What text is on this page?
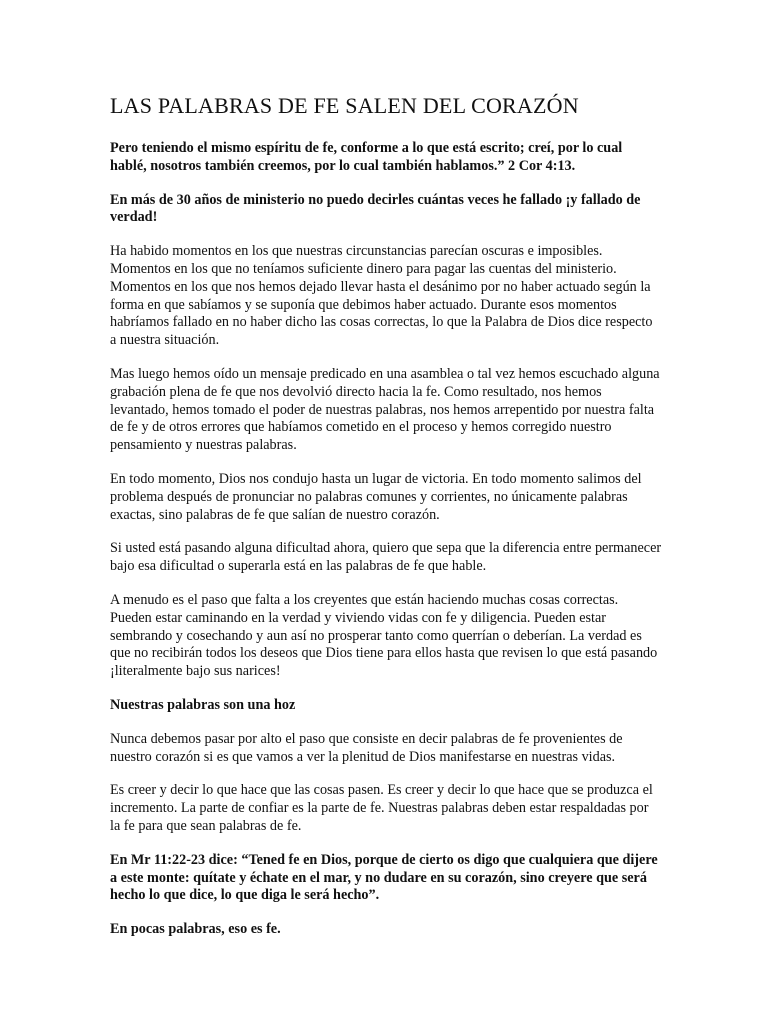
LAS PALABRAS DE FE SALEN DEL CORAZÓN

Pero teniendo el mismo espíritu de fe, conforme a lo que está escrito; creí, por lo cual hablé, nosotros también creemos, por lo cual también hablamos.” 2 Cor 4:13.

En más de 30 años de ministerio no puedo decirles cuántas veces he fallado ¡y fallado de verdad!

Ha habido momentos en los que nuestras circunstancias parecían oscuras e imposibles. Momentos en los que no teníamos suficiente dinero para pagar las cuentas del ministerio. Momentos en los que nos hemos dejado llevar hasta el desánimo por no haber actuado según la forma en que sabíamos y se suponía que debimos haber actuado. Durante esos momentos habríamos fallado en no haber dicho las cosas correctas, lo que la Palabra de Dios dice respecto a nuestra situación.

Mas luego hemos oído un mensaje predicado en una asamblea o tal vez hemos escuchado alguna grabación plena de fe que nos devolvió directo hacia la fe. Como resultado, nos hemos levantado, hemos tomado el poder de nuestras palabras, nos hemos arrepentido por nuestra falta de fe y de otros errores que habíamos cometido en el proceso y hemos corregido nuestro pensamiento y nuestras palabras.

En todo momento, Dios nos condujo hasta un lugar de victoria. En todo momento salimos del problema después de pronunciar no palabras comunes y corrientes, no únicamente palabras exactas, sino palabras de fe que salían de nuestro corazón.

Si usted está pasando alguna dificultad ahora, quiero que sepa que la diferencia entre permanecer bajo esa dificultad o superarla está en las palabras de fe que hable.

A menudo es el paso que falta a los creyentes que están haciendo muchas cosas correctas. Pueden estar caminando en la verdad y viviendo vidas con fe y diligencia. Pueden estar sembrando y cosechando y aun así no prosperar tanto como querrían o deberían. La verdad es que no recibirán todos los deseos que Dios tiene para ellos hasta que revisen lo que está pasando ¡literalmente bajo sus narices!

Nuestras palabras son una hoz

Nunca debemos pasar por alto el paso que consiste en decir palabras de fe provenientes de nuestro corazón si es que vamos a ver la plenitud de Dios manifestarse en nuestras vidas.

Es creer y decir lo que hace que las cosas pasen. Es creer y decir lo que hace que se produzca el incremento. La parte de confiar es la parte de fe. Nuestras palabras deben estar respaldadas por la fe para que sean palabras de fe.

En Mr 11:22-23 dice: “Tened fe en Dios, porque de cierto os digo que cualquiera que dijere a este monte: quítate y échate en el mar, y no dudare en su corazón, sino creyere que será hecho lo que dice, lo que diga le será hecho”.

En pocas palabras, eso es fe.
